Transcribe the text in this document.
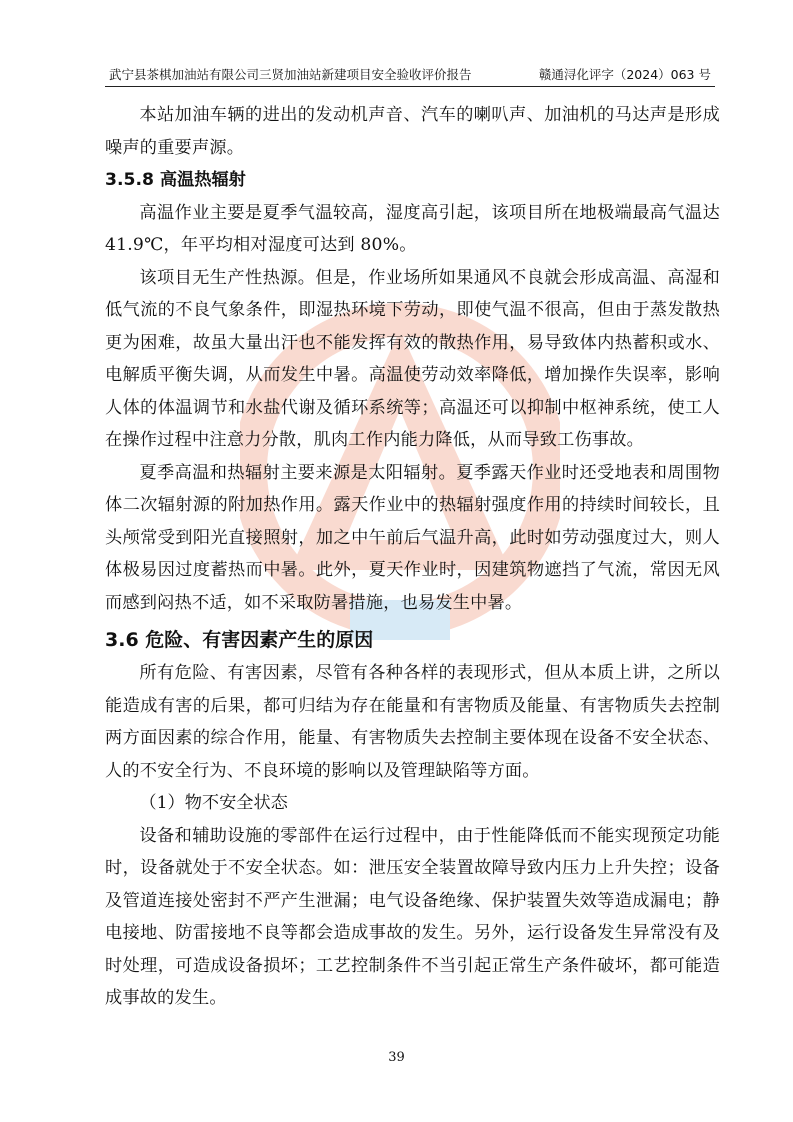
武宁县茶棋加油站有限公司三贤加油站新建项目安全验收评价报告	赣通浔化评字（2024）063 号

本站加油车辆的进出的发动机声音、汽车的喇叭声、加油机的马达声是形成噪声的重要声源。

3.5.8 高温热辐射

高温作业主要是夏季气温较高，湿度高引起，该项目所在地极端最高气温达 41.9℃，年平均相对湿度可达到 80%。

该项目无生产性热源。但是，作业场所如果通风不良就会形成高温、高湿和低气流的不良气象条件，即湿热环境下劳动，即使气温不很高，但由于蒸发散热更为困难，故虽大量出汗也不能发挥有效的散热作用，易导致体内热蓄积或水、电解质平衡失调，从而发生中暑。高温使劳动效率降低，增加操作失误率，影响人体的体温调节和水盐代谢及循环系统等；高温还可以抑制中枢神系统，使工人在操作过程中注意力分散，肌肉工作内能力降低，从而导致工伤事故。

夏季高温和热辐射主要来源是太阳辐射。夏季露天作业时还受地表和周围物体二次辐射源的附加热作用。露天作业中的热辐射强度作用的持续时间较长，且头颅常受到阳光直接照射，加之中午前后气温升高，此时如劳动强度过大，则人体极易因过度蓄热而中暑。此外，夏天作业时，因建筑物遮挡了气流，常因无风而感到闷热不适，如不采取防暑措施，也易发生中暑。

3.6 危险、有害因素产生的原因

所有危险、有害因素，尽管有各种各样的表现形式，但从本质上讲，之所以能造成有害的后果，都可归结为存在能量和有害物质及能量、有害物质失去控制两方面因素的综合作用，能量、有害物质失去控制主要体现在设备不安全状态、人的不安全行为、不良环境的影响以及管理缺陷等方面。

（1）物不安全状态

设备和辅助设施的零部件在运行过程中，由于性能降低而不能实现预定功能时，设备就处于不安全状态。如：泄压安全装置故障导致内压力上升失控；设备及管道连接处密封不严产生泄漏；电气设备绝缘、保护装置失效等造成漏电；静电接地、防雷接地不良等都会造成事故的发生。另外，运行设备发生异常没有及时处理，可造成设备损坏；工艺控制条件不当引起正常生产条件破坏，都可能造成事故的发生。

39
